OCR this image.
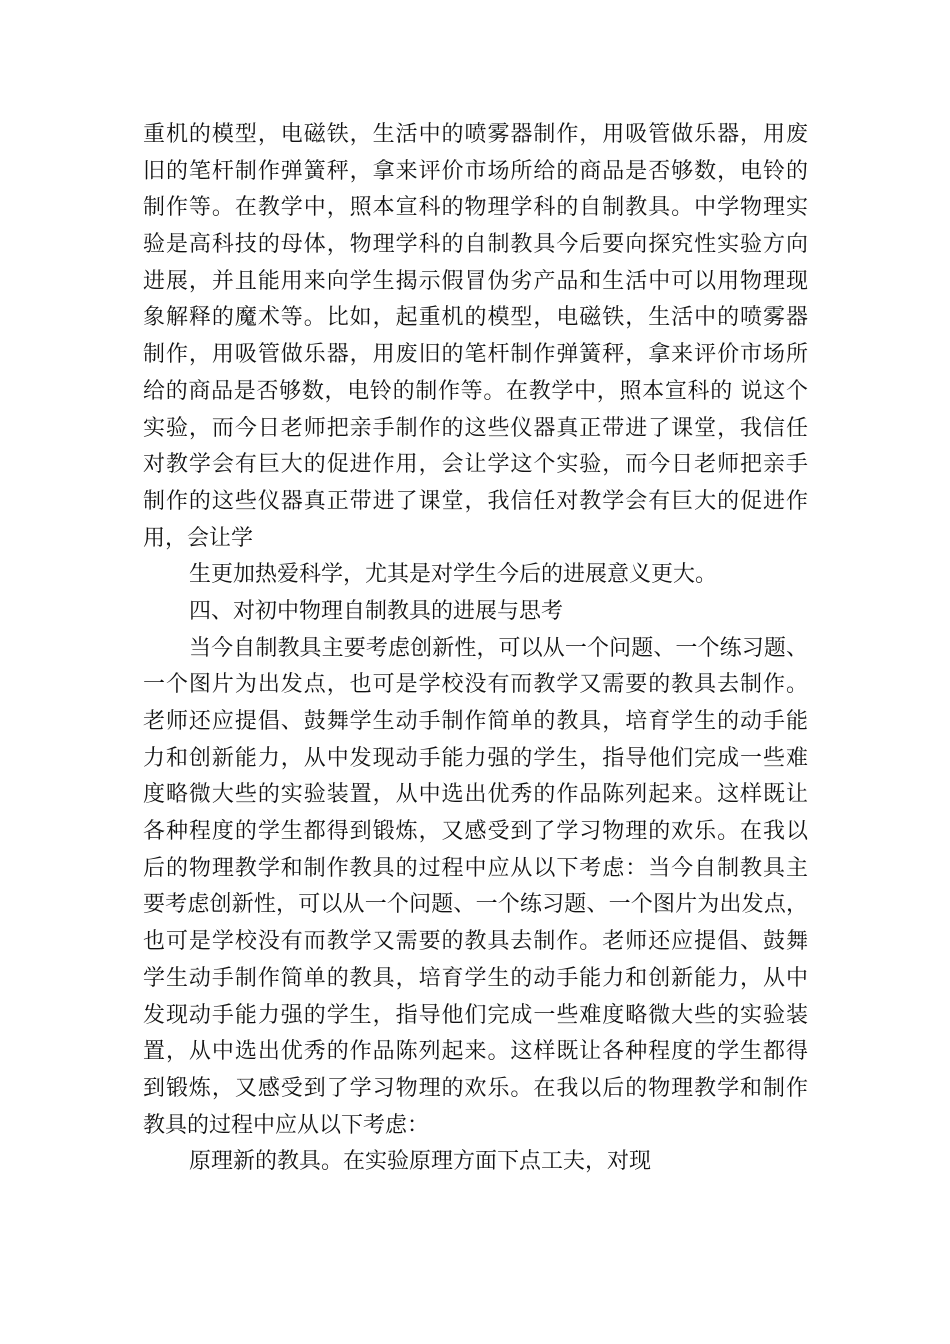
重机的模型，电磁铁，生活中的喷雾器制作，用吸管做乐器，用废
旧的笔杆制作弹簧秤，拿来评价市场所给的商品是否够数，电铃的
制作等。在教学中，照本宣科的物理学科的自制教具。中学物理实
验是高科技的母体，物理学科的自制教具今后要向探究性实验方向
进展，并且能用来向学生揭示假冒伪劣产品和生活中可以用物理现
象解释的魔术等。比如，起重机的模型，电磁铁，生活中的喷雾器
制作，用吸管做乐器，用废旧的笔杆制作弹簧秤，拿来评价市场所
给的商品是否够数，电铃的制作等。在教学中，照本宣科的 说这个
实验，而今日老师把亲手制作的这些仪器真正带进了课堂，我信任
对教学会有巨大的促进作用，会让学这个实验，而今日老师把亲手
制作的这些仪器真正带进了课堂，我信任对教学会有巨大的促进作
用，会让学
生更加热爱科学，尤其是对学生今后的进展意义更大。
四、对初中物理自制教具的进展与思考
当今自制教具主要考虑创新性，可以从一个问题、一个练习题、
一个图片为出发点，也可是学校没有而教学又需要的教具去制作。
老师还应提倡、鼓舞学生动手制作简单的教具，培育学生的动手能
力和创新能力，从中发现动手能力强的学生，指导他们完成一些难
度略微大些的实验装置，从中选出优秀的作品陈列起来。这样既让
各种程度的学生都得到锻炼，又感受到了学习物理的欢乐。在我以
后的物理教学和制作教具的过程中应从以下考虑：当今自制教具主
要考虑创新性，可以从一个问题、一个练习题、一个图片为出发点，
也可是学校没有而教学又需要的教具去制作。老师还应提倡、鼓舞
学生动手制作简单的教具，培育学生的动手能力和创新能力，从中
发现动手能力强的学生，指导他们完成一些难度略微大些的实验装
置，从中选出优秀的作品陈列起来。这样既让各种程度的学生都得
到锻炼，又感受到了学习物理的欢乐。在我以后的物理教学和制作
教具的过程中应从以下考虑：
原理新的教具。在实验原理方面下点工夫，对现
